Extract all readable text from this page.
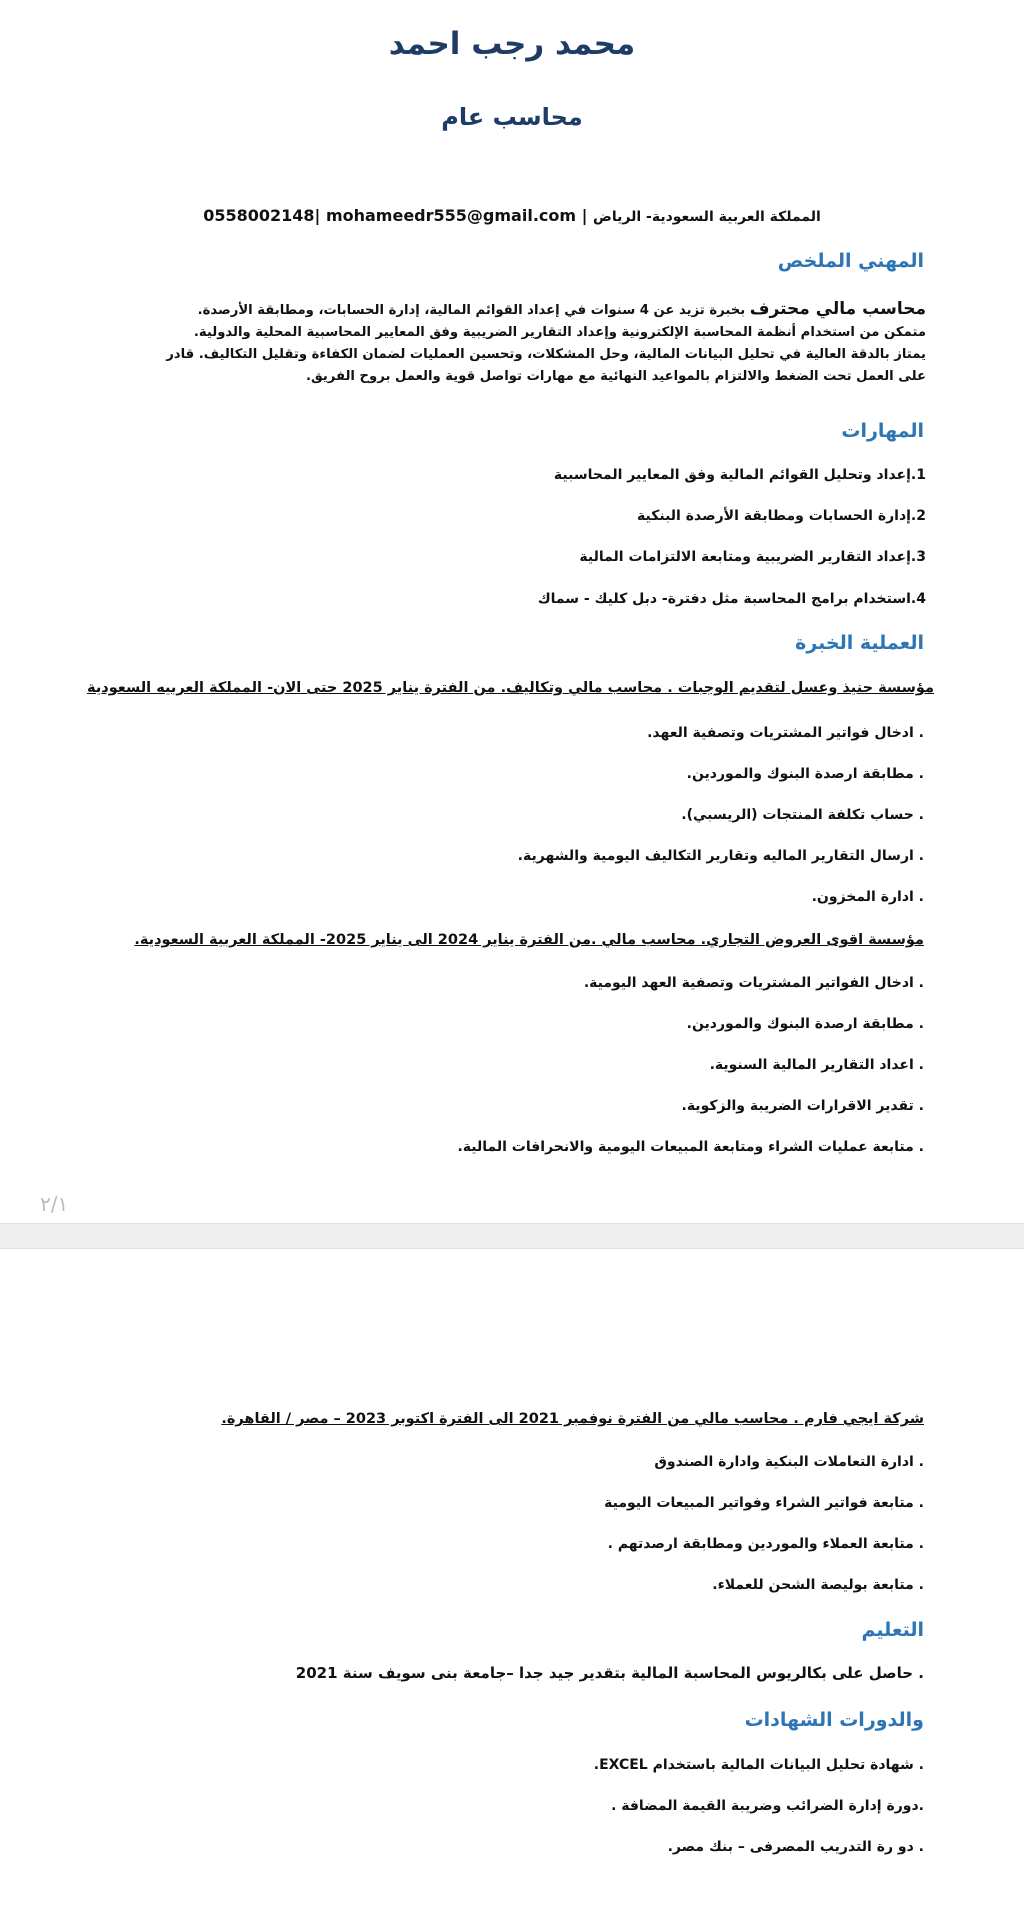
محمد رجب احمد
محاسب عام
0558002148| mohameedr555@gmail.com | المملكة العربية السعودية- الرياض
المهني الملخص
محاسب مالي محترف بخبرة تزيد عن 4 سنوات في إعداد القوائم المالية، إدارة الحسابات، ومطابقة الأرصدة. متمكن من استخدام أنظمة المحاسبة الإلكترونية وإعداد التقارير الضريبية وفق المعايير المحاسبية المحلية والدولية. يمتاز بالدقة العالية في تحليل البيانات المالية، وحل المشكلات، وتحسين العمليات لضمان الكفاءة وتقليل التكاليف. قادر على العمل تحت الضغط والالتزام بالمواعيد النهائية مع مهارات تواصل قوية والعمل بروح الفريق.
المهارات
1.إعداد وتحليل القوائم المالية وفق المعايير المحاسبية
2.إدارة الحسابات ومطابقة الأرصدة البنكية
3.إعداد التقارير الضريبية ومتابعة الالتزامات المالية
4.استخدام برامج المحاسبة مثل دفترة- دبل كليك - سماك
العملية الخبرة
مؤسسة حنيذ وعسل لتقديم الوجبات . محاسب مالي وتكاليف. من الفترة يناير 2025 حتى الان- المملكة العربيه السعودية
. ادخال فواتير المشتريات وتصفية العهد.
. مطابقة ارصدة البنوك والموردين.
. حساب تكلفة المنتجات (الريسبي).
. ارسال التقارير الماليه وتقارير التكاليف اليومية والشهرية.
. ادارة المخزون.
مؤسسة اقوى العروض التجاري. محاسب مالي .من الفترة يناير 2024 الى يناير 2025- المملكة العربية السعودية.
. ادخال الفواتير المشتريات وتصفية العهد اليومية.
. مطابقة ارصدة البنوك والموردين.
. اعداد التقارير المالية السنوية.
. تقدير الاقرارات الضريبة والزكوية.
. متابعة عمليات الشراء ومتابعة المبيعات اليومية والانحرافات المالية.
٢/١
شركة ايجي فارم . محاسب مالي من الفترة نوفمبر 2021 الى الفترة اكتوبر 2023 – مصر / القاهرة.
. ادارة التعاملات البنكية وادارة الصندوق
. متابعة فواتير الشراء وفواتير المبيعات اليومية
. متابعة العملاء والموردين ومطابقة ارصدتهم .
. متابعة بوليصة الشحن للعملاء.
التعليم
. حاصل على بكالريوس المحاسبة المالية بتقدير جيد جدا –جامعة بنى سويف سنة 2021
والدورات الشهادات
. شهادة تحليل البيانات المالية باستخدام EXCEL.
.دورة إدارة الضرائب وضريبة القيمة المضافة .
. دو رة التدريب المصرفى – بنك مصر.
